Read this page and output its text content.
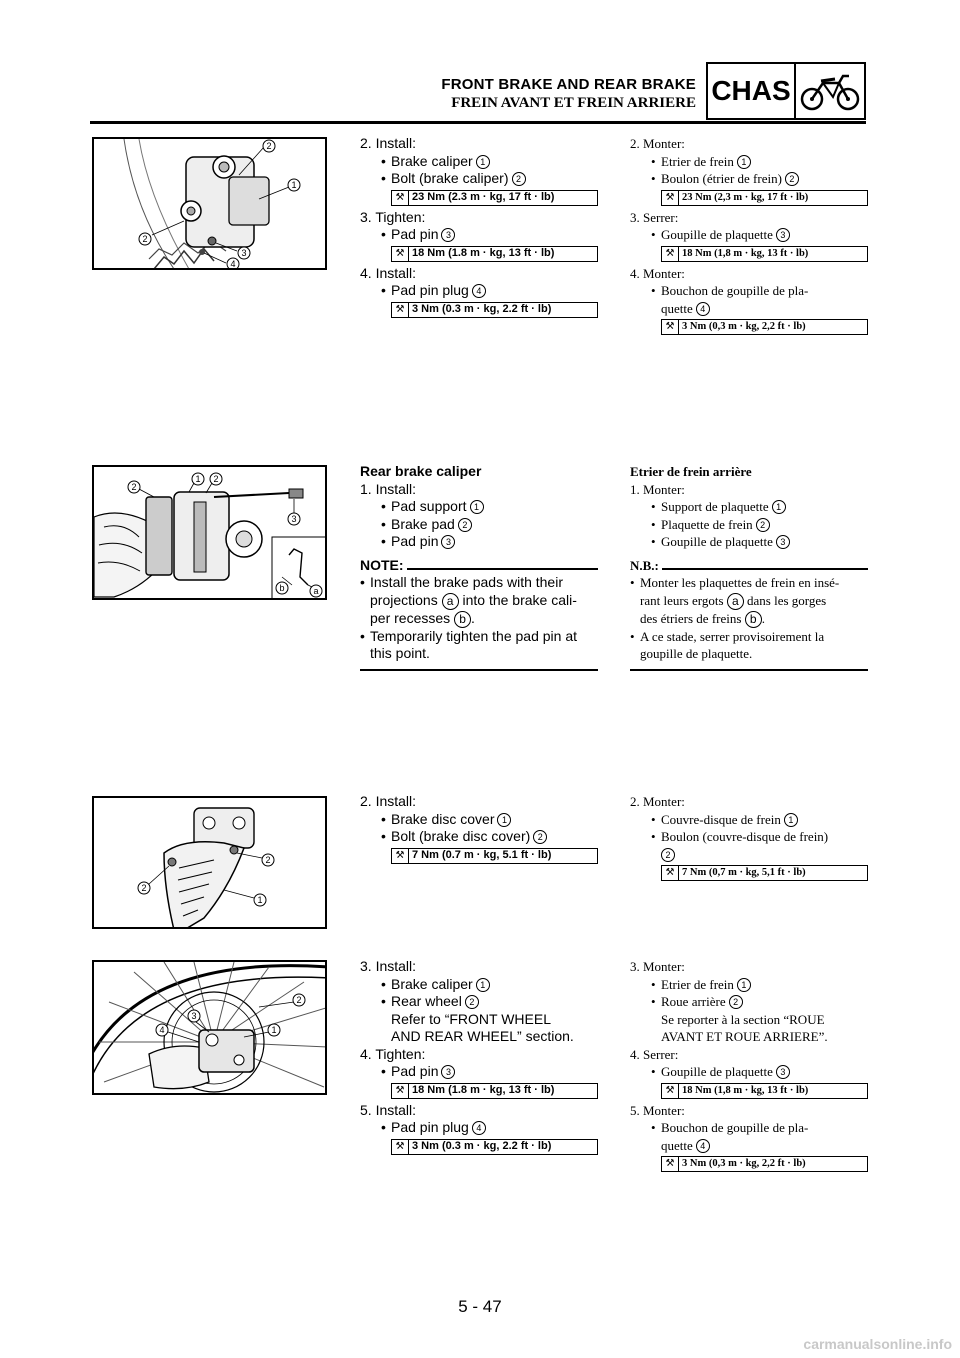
FRONT BRAKE AND REAR BRAKE
FREIN AVANT ET FREIN ARRIERE CHAS
2
1
2
3
4
2
1 2
3
b	a
2
2
1
1
2
3
4
2. Install:
• Brake caliper 1
• Bolt (brake caliper) 2
⚒ 23 Nm (2.3 m · kg, 17 ft · lb)
3. Tighten:
• Pad pin 3
⚒ 18 Nm (1.8 m · kg, 13 ft · lb)
4. Install:
• Pad pin plug 4
⚒ 3 Nm (0.3 m · kg, 2.2 ft · lb)
2. Monter:
• Etrier de frein 1
• Boulon (étrier de frein) 2
⚒ 23 Nm (2,3 m · kg, 17 ft · lb)
3. Serrer:
• Goupille de plaquette 3
⚒ 18 Nm (1,8 m · kg, 13 ft · lb)
4. Monter:
• Bouchon de goupille de pla-
quette 4
⚒ 3 Nm (0,3 m · kg, 2,2 ft · lb)
Rear brake caliper
1. Install:
• Pad support 1
• Brake pad 2
• Pad pin 3
NOTE:
• Install the brake pads with their
projections a into the brake cali-
per recesses b .
• Temporarily tighten the pad pin at
this point.
Etrier de frein arrière
1. Monter:
• Support de plaquette 1
• Plaquette de frein 2
• Goupille de plaquette 3
N.B.:
• Monter les plaquettes de frein en insé-
rant leurs ergots a dans les gorges
des étriers de freins b .
• A ce stade, serrer provisoirement la
goupille de plaquette.
2. Install:
• Brake disc cover 1
• Bolt (brake disc cover) 2
⚒ 7 Nm (0.7 m · kg, 5.1 ft · lb)
2. Monter:
• Couvre-disque de frein 1
• Boulon (couvre-disque de frein)
2
⚒ 7 Nm (0,7 m · kg, 5,1 ft · lb)
3. Install:
• Brake caliper 1
• Rear wheel 2
Refer to “FRONT WHEEL
AND REAR WHEEL” section.
4. Tighten:
• Pad pin 3
⚒ 18 Nm (1.8 m · kg, 13 ft · lb)
5. Install:
• Pad pin plug 4
⚒ 3 Nm (0.3 m · kg, 2.2 ft · lb)
3. Monter:
• Etrier de frein 1
• Roue arrière 2
Se reporter à la section “ROUE
AVANT ET ROUE ARRIERE”.
4. Serrer:
• Goupille de plaquette 3
⚒ 18 Nm (1,8 m · kg, 13 ft · lb)
5. Monter:
• Bouchon de goupille de pla-
quette 4
⚒ 3 Nm (0,3 m · kg, 2,2 ft · lb)
5 - 47
carmanualsonline.info
